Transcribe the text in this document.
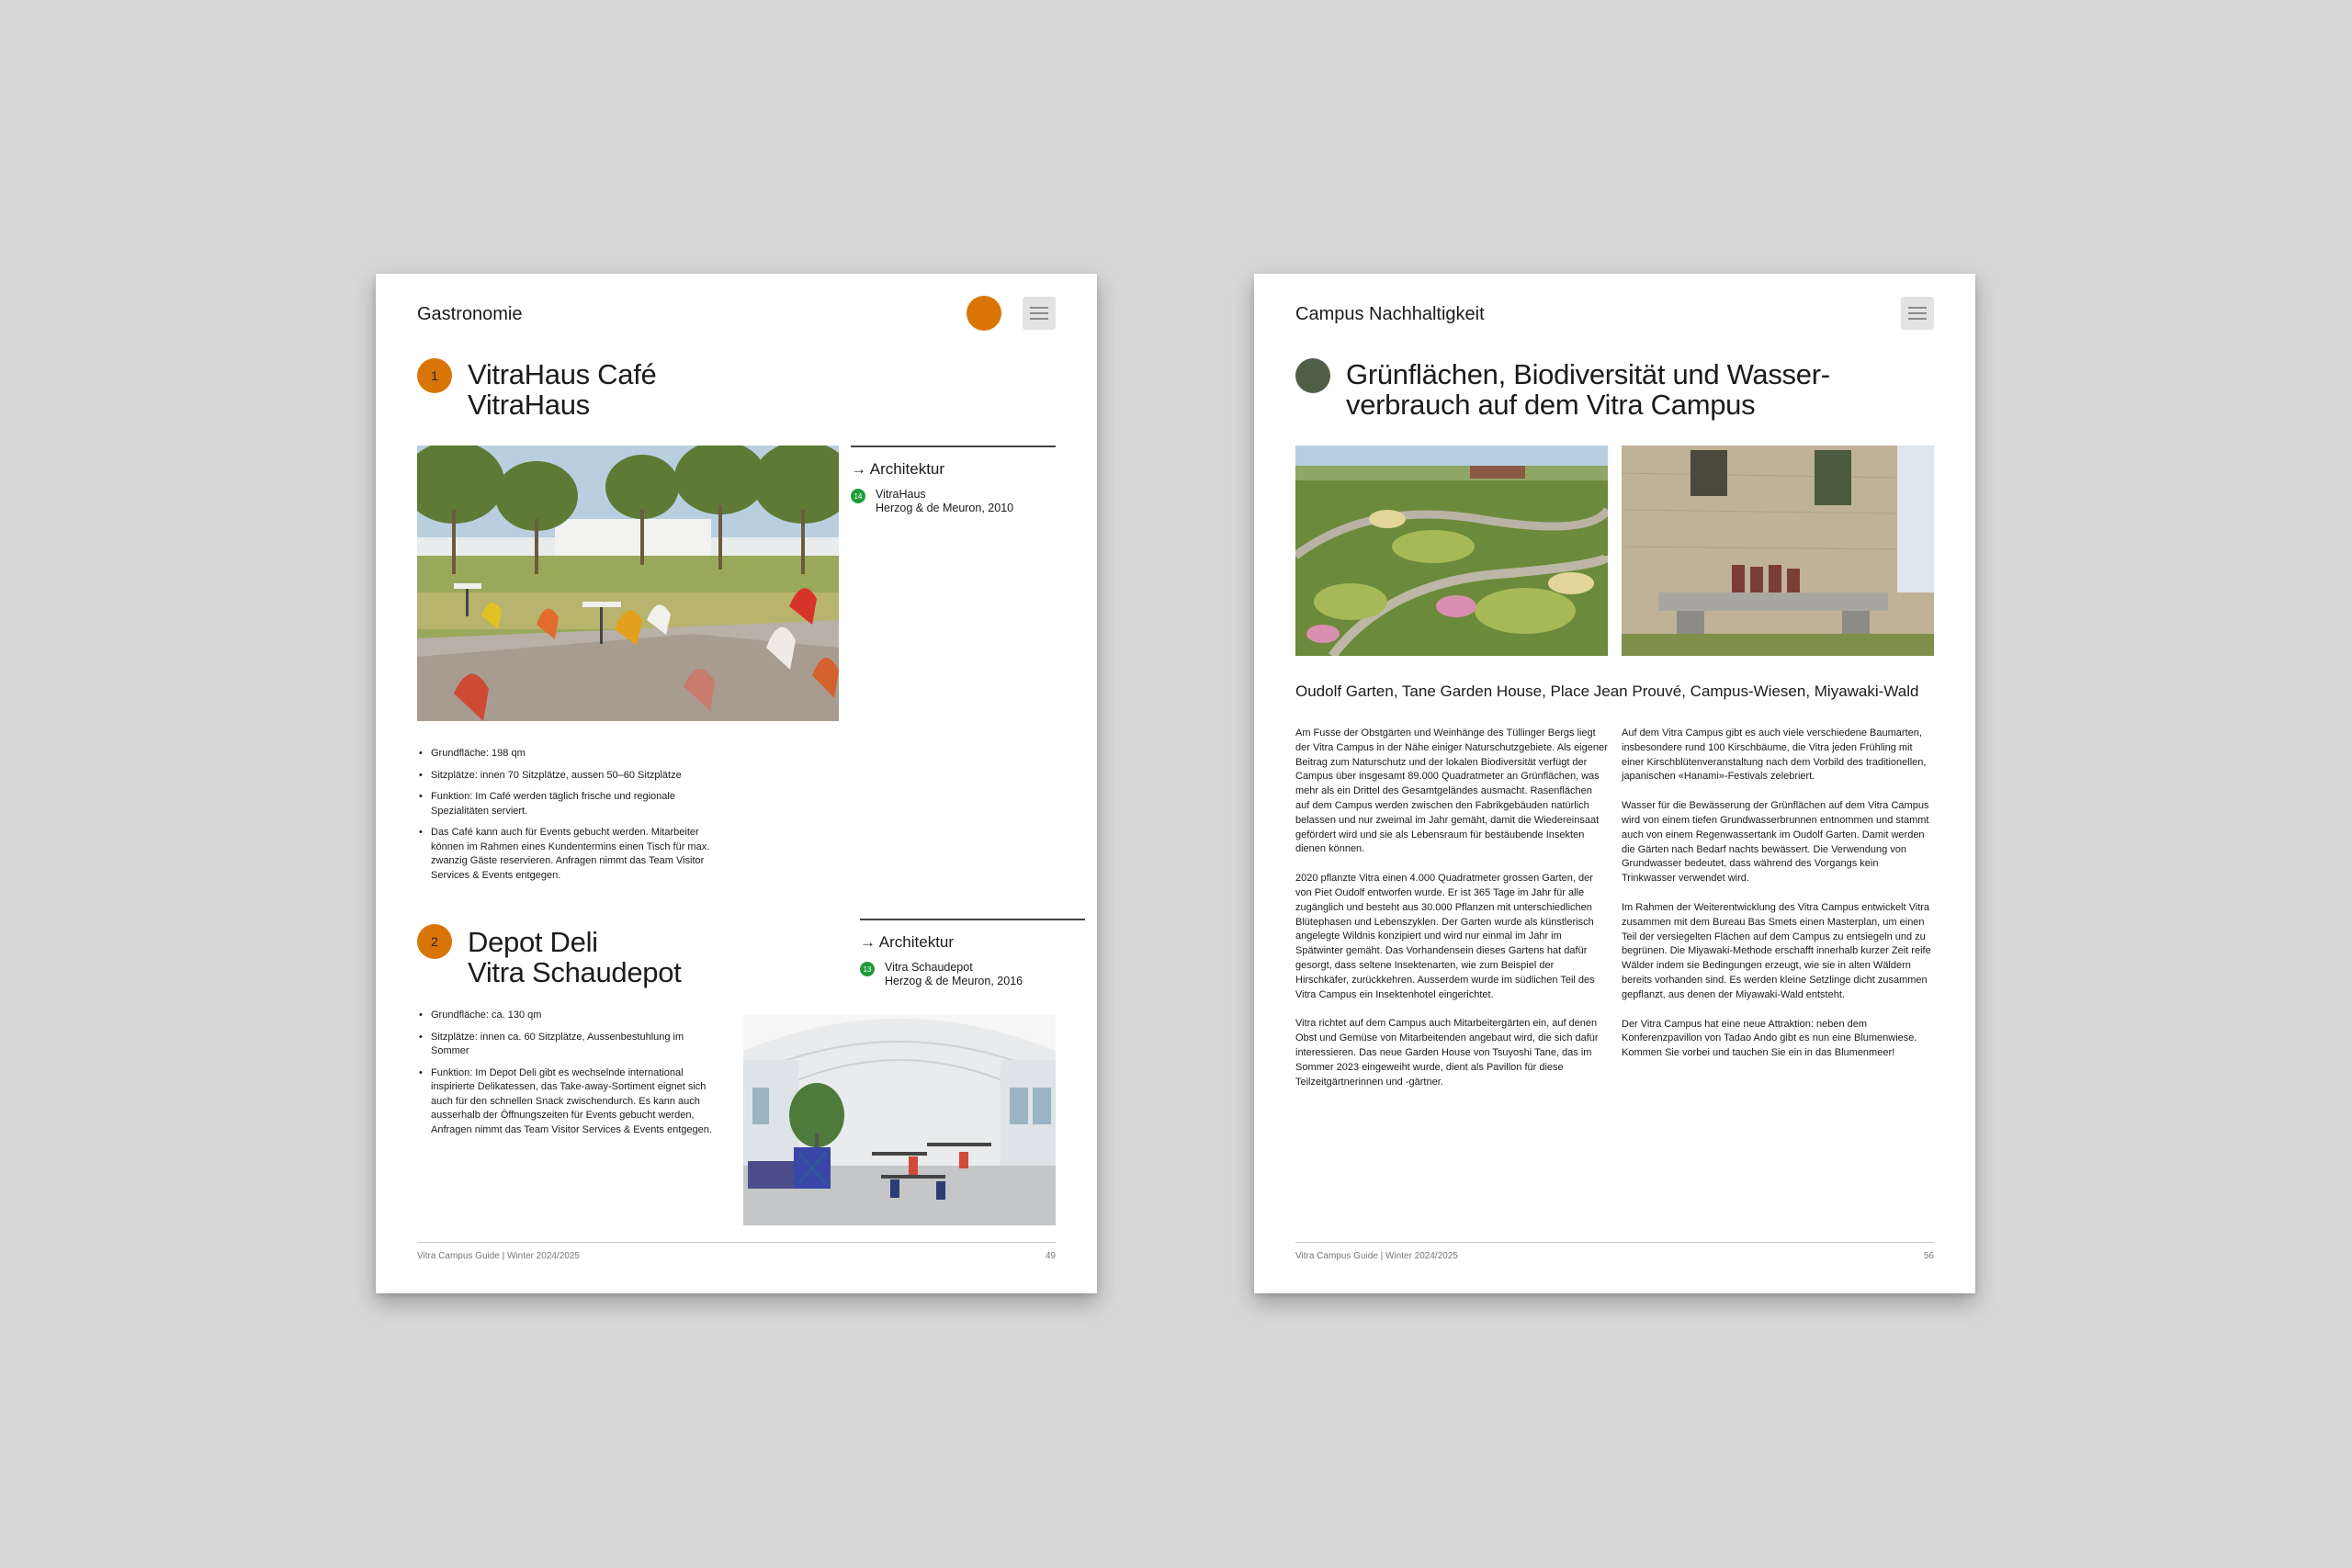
Gastronomie
1	VitraHaus Café
VitraHaus
→ Architektur
14 VitraHaus
Herzog & de Meuron, 2010
• Grundfläche: 198 qm
• Sitzplätze: innen 70 Sitzplätze, aussen 50–60 Sitzplätze
• Funktion: Im Café werden täglich frische und regionale Spezialitäten serviert.
• Das Café kann auch für Events gebucht werden. Mitarbeiter können im Rahmen eines Kundentermins einen Tisch für max. zwanzig Gäste reservieren. Anfragen nimmt das Team Visitor Services & Events entgegen.
2	Depot Deli
Vitra Schaudepot
→ Architektur
13 Vitra Schaudepot
Herzog & de Meuron, 2016
• Grundfläche: ca. 130 qm
• Sitzplätze: innen ca. 60 Sitzplätze, Aussenbestuhlung im Sommer
• Funktion: Im Depot Deli gibt es wechselnde international inspirierte Delikatessen, das Take-away-Sortiment eignet sich auch für den schnellen Snack zwischendurch. Es kann auch ausserhalb der Öffnungszeiten für Events gebucht werden, Anfragen nimmt das Team Visitor Services & Events entgegen.
Vitra Campus Guide | Winter 2024/2025	49
Campus Nachhaltigkeit
Grünflächen, Biodiversität und Wasser-
verbrauch auf dem Vitra Campus
Oudolf Garten, Tane Garden House, Place Jean Prouvé, Campus-Wiesen, Miyawaki-Wald

Am Fusse der Obstgärten und Weinhänge des Tüllinger Bergs liegt der Vitra Campus in der Nähe einiger Naturschutzgebiete. Als eigener Beitrag zum Naturschutz und der lokalen Biodiversität verfügt der Campus über insgesamt 89.000 Quadratmeter an Grünflächen, was mehr als ein Drittel des Gesamtgeländes ausmacht. Rasenflächen auf dem Campus werden zwischen den Fabrikgebäuden natürlich belassen und nur zweimal im Jahr gemäht, damit die Wiedereinsaat gefördert wird und sie als Lebensraum für bestäubende Insekten dienen können.

2020 pflanzte Vitra einen 4.000 Quadratmeter grossen Garten, der von Piet Oudolf entworfen wurde. Er ist 365 Tage im Jahr für alle zugänglich und besteht aus 30.000 Pflanzen mit unterschiedlichen Blütephasen und Lebenszyklen. Der Garten wurde als künstlerisch angelegte Wildnis konzipiert und wird nur einmal im Jahr im Spätwinter gemäht. Das Vorhandensein dieses Gartens hat dafür gesorgt, dass seltene Insektenarten, wie zum Beispiel der Hirschkäfer, zurückkehren. Ausserdem wurde im südlichen Teil des Vitra Campus ein Insektenhotel eingerichtet.

Vitra richtet auf dem Campus auch Mitarbeitergärten ein, auf denen Obst und Gemüse von Mitarbeitenden angebaut wird, die sich dafür interessieren. Das neue Garden House von Tsuyoshi Tane, das im Sommer 2023 eingeweiht wurde, dient als Pavillon für diese Teilzeitgärtnerinnen und -gärtner.

Auf dem Vitra Campus gibt es auch viele verschiedene Baumarten, insbesondere rund 100 Kirschbäume, die Vitra jeden Frühling mit einer Kirschblütenveranstaltung nach dem Vorbild des traditionellen, japanischen «Hanami»-Festivals zelebriert.

Wasser für die Bewässerung der Grünflächen auf dem Vitra Campus wird von einem tiefen Grundwasserbrunnen entnommen und stammt auch von einem Regenwassertank im Oudolf Garten. Damit werden die Gärten nach Bedarf nachts bewässert. Die Verwendung von Grundwasser bedeutet, dass während des Vorgangs kein Trinkwasser verwendet wird.

Im Rahmen der Weiterentwicklung des Vitra Campus entwickelt Vitra zusammen mit dem Bureau Bas Smets einen Masterplan, um einen Teil der versiegelten Flächen auf dem Campus zu entsiegeln und zu begrünen. Die Miyawaki-Methode erschafft innerhalb kurzer Zeit reife Wälder indem sie Bedingungen erzeugt, wie sie in alten Wäldern bereits vorhanden sind. Es werden kleine Setzlinge dicht zusammen gepflanzt, aus denen der Miyawaki-Wald entsteht.

Der Vitra Campus hat eine neue Attraktion: neben dem Konferenzpavillon von Tadao Ando gibt es nun eine Blumenwiese. Kommen Sie vorbei und tauchen Sie ein in das Blumenmeer!

Vitra Campus Guide | Winter 2024/2025	56
